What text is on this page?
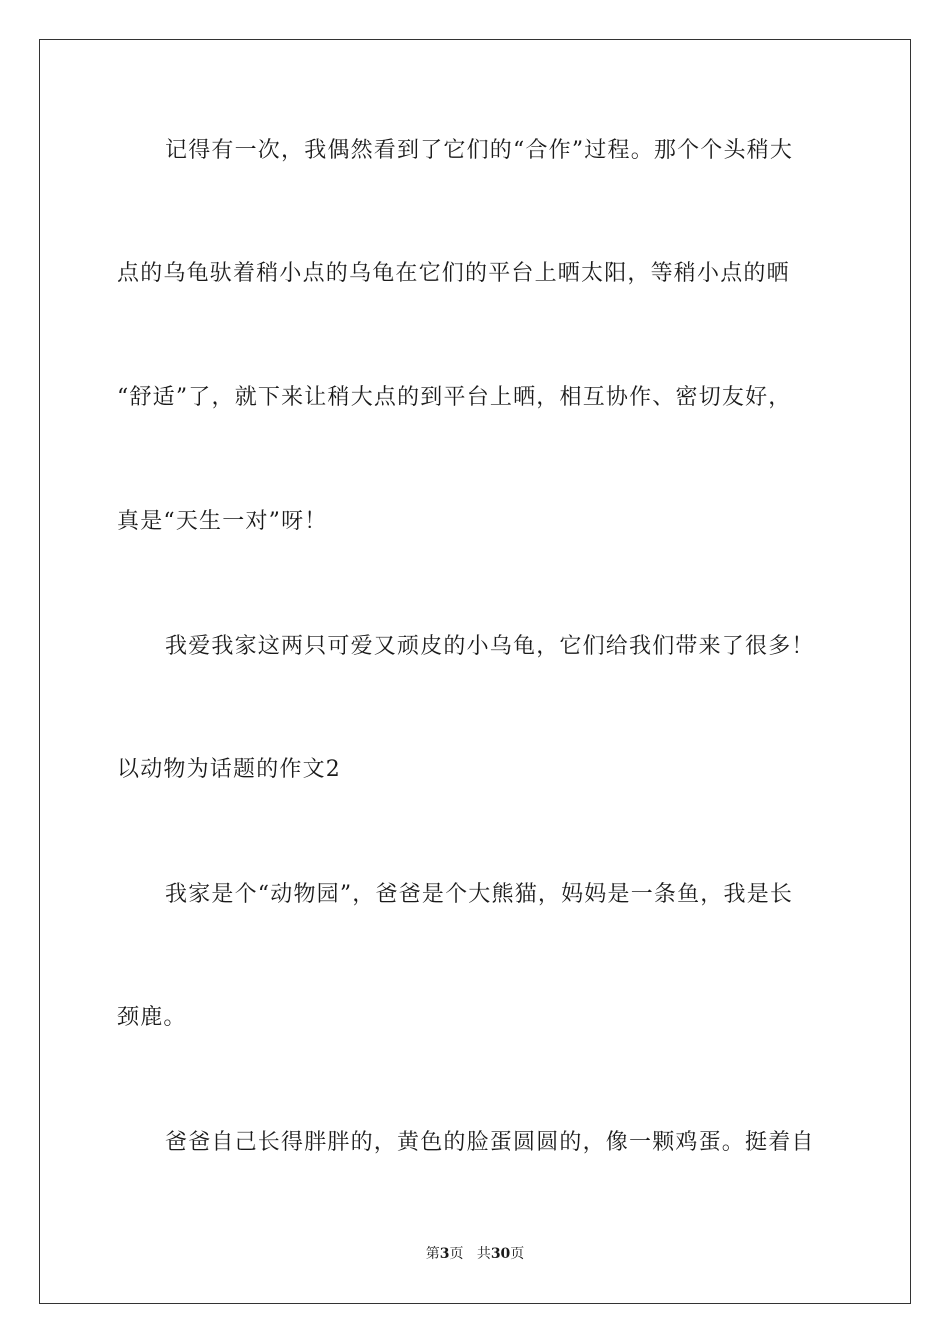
记得有一次，我偶然看到了它们的“合作”过程。那个个头稍大
点的乌龟驮着稍小点的乌龟在它们的平台上晒太阳，等稍小点的晒
“舒适”了，就下来让稍大点的到平台上晒，相互协作、密切友好，
真是“天生一对”呀！
我爱我家这两只可爱又顽皮的小乌龟，它们给我们带来了很多！
以动物为话题的作文2
我家是个“动物园”，爸爸是个大熊猫，妈妈是一条鱼，我是长
颈鹿。
爸爸自己长得胖胖的，黄色的脸蛋圆圆的，像一颗鸡蛋。挺着自
第3页 共30页
